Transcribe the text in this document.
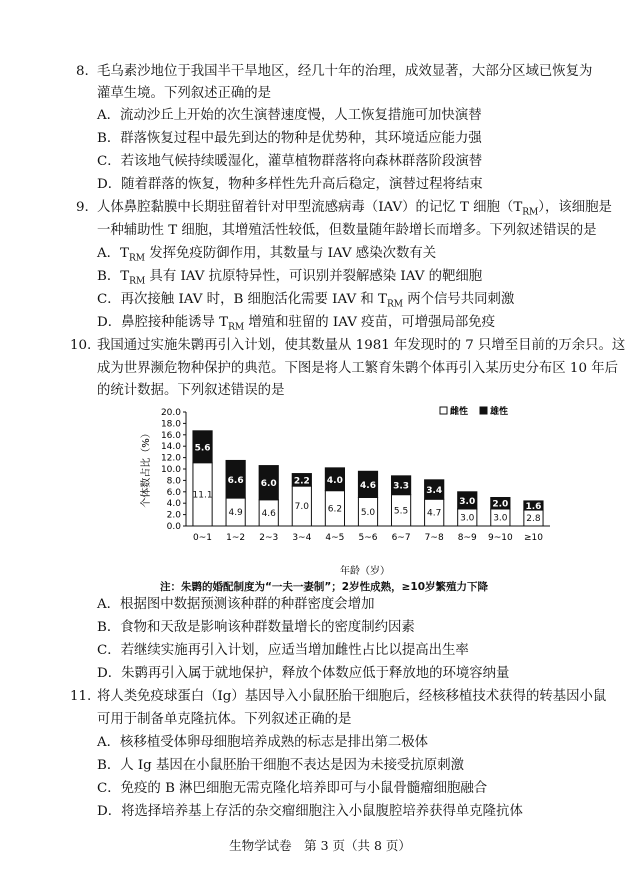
8. 毛乌素沙地位于我国半干旱地区，经几十年的治理，成效显著，大部分区域已恢复为
灌草生境。下列叙述正确的是
A．流动沙丘上开始的次生演替速度慢，人工恢复措施可加快演替
B．群落恢复过程中最先到达的物种是优势种，其环境适应能力强
C．若该地气候持续暖湿化，灌草植物群落将向森林群落阶段演替
D．随着群落的恢复，物种多样性先升高后稳定，演替过程将结束
9. 人体鼻腔黏膜中长期驻留着针对甲型流感病毒（IAV）的记忆 T 细胞$(T_{RM})$，该细胞是
一种辅助性 T 细胞，其增殖活性较低，但数量随年龄增长而增多。下列叙述错误的是
A．$T_{RM}$ 发挥免疫防御作用，其数量与 IAV 感染次数有关
B．$T_{RM}$ 具有 IAV 抗原特异性，可识别并裂解感染 IAV 的靶细胞
C．再次接触 IAV 时，B 细胞活化需要 IAV 和 $T_{RM}$ 两个信号共同刺激
D．鼻腔接种能诱导 $T_{RM}$ 增殖和驻留的 IAV 疫苗，可增强局部免疫
10. 我国通过实施朱鹮再引入计划，使其数量从 1981 年发现时的 7 只增至目前的万余只。这
成为世界濒危物种保护的典范。下图是将人工繁育朱鹮个体再引入某历史分布区 10 年后
的统计数据。下列叙述错误的是
个体数占比（%）
0.0
2.0
4.0
6.0
8.0
10.0
12.0
14.0
16.0
18.0
20.0
11.1
5.6
4.9
6.6
4.6
6.0
7.0
2.2
6.2
4.0
5.0
4.6
5.5
3.3
4.7
3.4
3.0
3.0
3.0
2.0
2.8
1.6
0~1 1~2 2~3 3~4 4~5 5~6 6~7 7~8 8~9 9~10 ≥10
雌性 雄性
年龄（岁）
注：朱鹮的婚配制度为“一夫一妻制”；2岁性成熟，≥10岁繁殖力下降
A．根据图中数据预测该种群的种群密度会增加
B．食物和天敌是影响该种群数量增长的密度制约因素
C．若继续实施再引入计划，应适当增加雌性占比以提高出生率
D．朱鹮再引入属于就地保护，释放个体数应低于释放地的环境容纳量
11. 将人类免疫球蛋白（Ig）基因导入小鼠胚胎干细胞后，经核移植技术获得的转基因小鼠
可用于制备单克隆抗体。下列叙述正确的是
A．核移植受体卵母细胞培养成熟的标志是排出第二极体
B．人 Ig 基因在小鼠胚胎干细胞不表达是因为未接受抗原刺激
C．免疫的 B 淋巴细胞无需克隆化培养即可与小鼠骨髓瘤细胞融合
D．将选择培养基上存活的杂交瘤细胞注入小鼠腹腔培养获得单克隆抗体
生物学试卷　第 3 页（共 8 页）
